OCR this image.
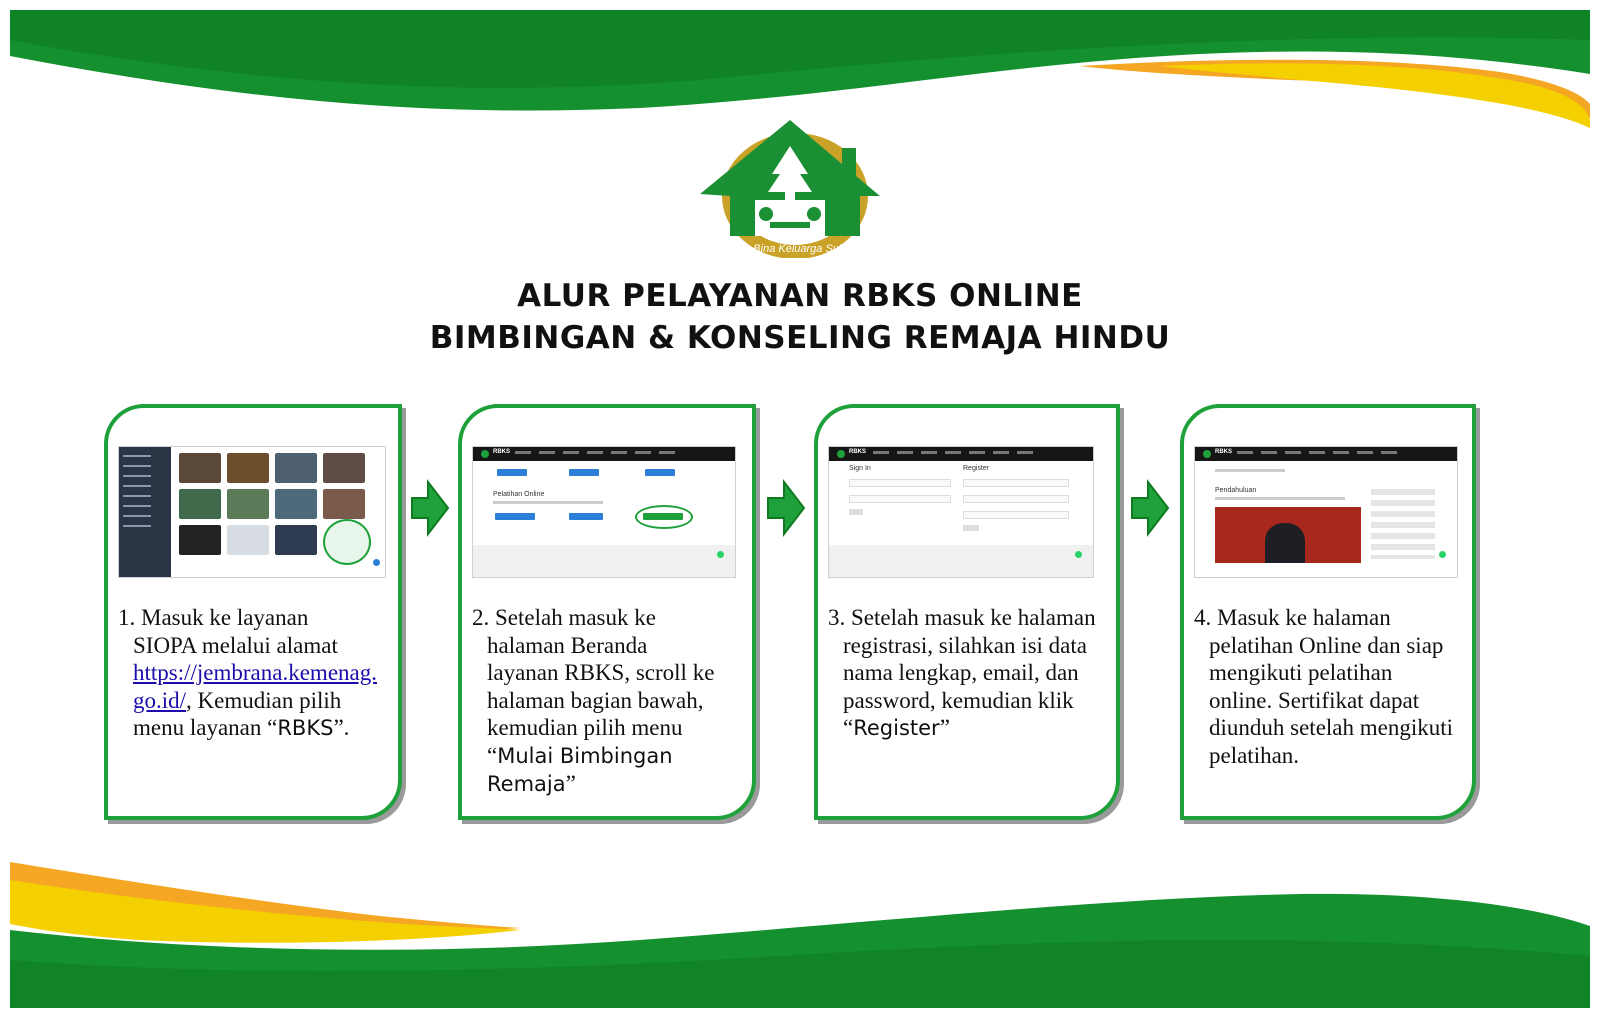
Rumah Bina Keluarga Sukinah
ALUR PELAYANAN RBKS ONLINE
BIMBINGAN & KONSELING REMAJA HINDU
1. Masuk ke layanan

SIOPA melalui alamat
https://jembrana.kemenag.
go.id/, Kemudian pilih
menu layanan “RBKS”.
RBKS
Pelatihan Online
2. Setelah masuk ke

halaman Beranda
layanan RBKS, scroll ke
halaman bagian bawah,
kemudian pilih menu
“Mulai Bimbingan
Remaja”
RBKS
Sign In	Register
3. Setelah masuk ke halaman

registrasi, silahkan isi data
nama lengkap, email, dan
password, kemudian klik
“Register”
RBKS
Pendahuluan
4. Masuk ke halaman

pelatihan Online dan siap
mengikuti pelatihan
online. Sertifikat dapat
diunduh setelah mengikuti
pelatihan.
